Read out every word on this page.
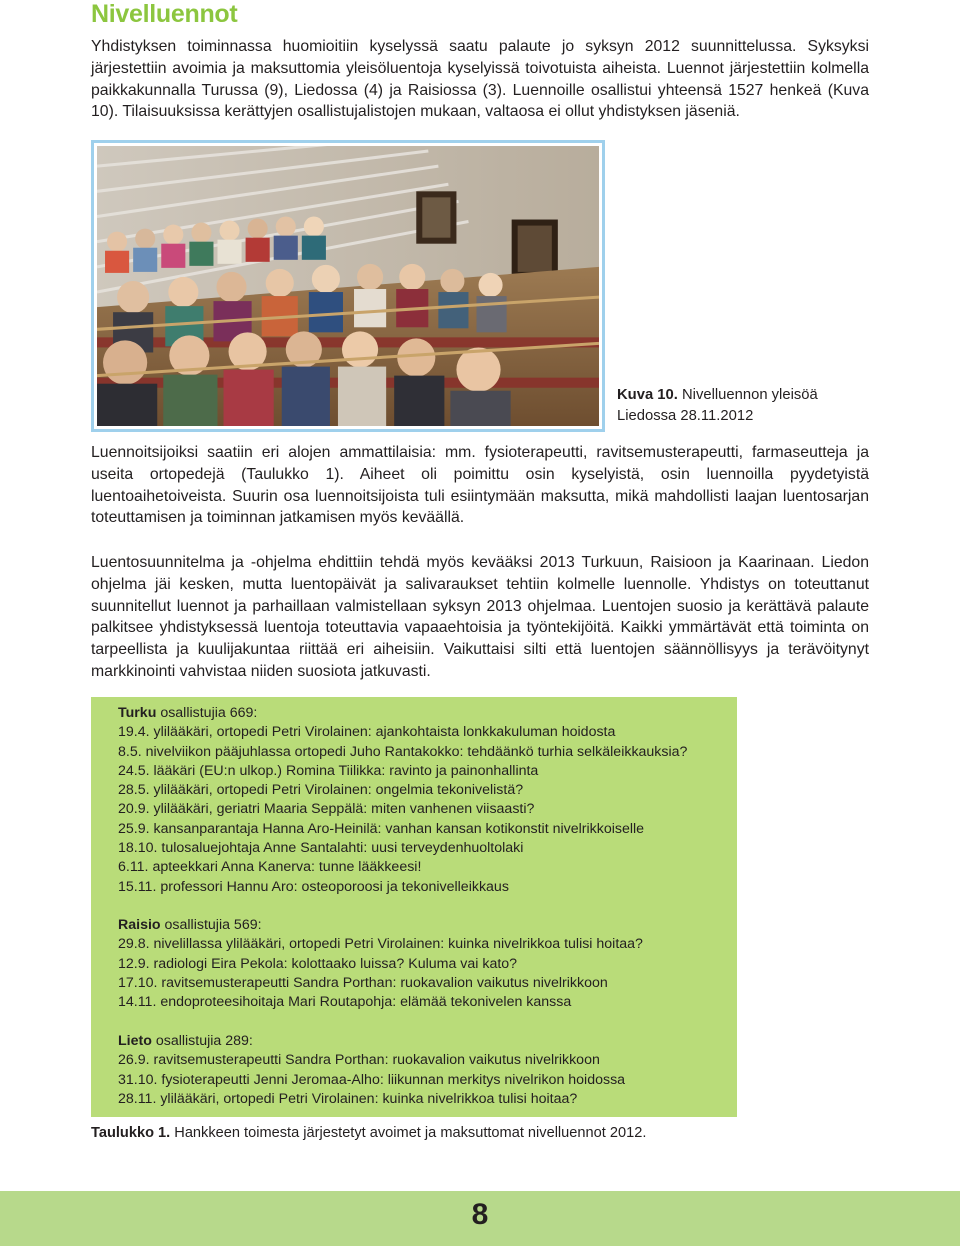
Nivelluennot

Yhdistyksen toiminnassa huomioitiin kyselyssä saatu palaute jo syksyn 2012 suunnittelussa. Syksyksi järjestettiin avoimia ja maksuttomia yleisöluentoja kyselyissä toivotuista aiheista. Luennot järjestettiin kolmella paikkakunnalla Turussa (9), Liedossa (4) ja Raisiossa (3). Luennoille osallistui yhteensä 1527 henkeä (Kuva 10). Tilaisuuksissa kerättyjen osallistujalistojen mukaan, valtaosa ei ollut yhdistyksen jäseniä.

Kuva 10. Nivelluennon yleisöä Liedossa 28.11.2012

Luennoitsijoiksi saatiin eri alojen ammattilaisia: mm. fysioterapeutti, ravitsemusterapeutti, farmaseutteja ja useita ortopedejä (Taulukko 1). Aiheet oli poimittu osin kyselyistä, osin luennoilla pyydetyistä luentoaihetoiveista. Suurin osa luennoitsijoista tuli esiintymään maksutta, mikä mahdollisti laajan luentosarjan toteuttamisen ja toiminnan jatkamisen myös keväällä.

Luentosuunnitelma ja -ohjelma ehdittiin tehdä myös kevääksi 2013 Turkuun, Raisioon ja Kaarinaan. Liedon ohjelma jäi kesken, mutta luentopäivät ja salivaraukset tehtiin kolmelle luennolle. Yhdistys on toteuttanut suunnitellut luennot ja parhaillaan valmistellaan syksyn 2013 ohjelmaa. Luentojen suosio ja kerättävä palaute palkitsee yhdistyksessä luentoja toteuttavia vapaaehtoisia ja työntekijöitä. Kaikki ymmärtävät että toiminta on tarpeellista ja kuulijakuntaa riittää eri aiheisiin. Vaikuttaisi silti että luentojen säännöllisyys ja terävöitynyt markkinointi vahvistaa niiden suosiota jatkuvasti.

Turku osallistujia 669:
19.4. ylilääkäri, ortopedi Petri Virolainen: ajankohtaista lonkkakuluman hoidosta
8.5. nivelviikon pääjuhlassa ortopedi Juho Rantakokko: tehdäänkö turhia selkäleikkauksia?
24.5. lääkäri (EU:n ulkop.) Romina Tiilikka: ravinto ja painonhallinta
28.5. ylilääkäri, ortopedi Petri Virolainen: ongelmia tekonivelistä?
20.9. ylilääkäri, geriatri Maaria Seppälä: miten vanhenen viisaasti?
25.9. kansanparantaja Hanna Aro-Heinilä: vanhan kansan kotikonstit nivelrikkoiselle
18.10. tulosaluejohtaja Anne Santalahti: uusi terveydenhuoltolaki
6.11. apteekkari Anna Kanerva: tunne lääkkeesi!
15.11. professori Hannu Aro: osteoporoosi ja tekonivelleikkaus
Raisio osallistujia 569:
29.8. nivelillassa ylilääkäri, ortopedi Petri Virolainen: kuinka nivelrikkoa tulisi hoitaa?
12.9. radiologi Eira Pekola: kolottaako luissa? Kuluma vai kato?
17.10. ravitsemusterapeutti Sandra Porthan: ruokavalion vaikutus nivelrikkoon
14.11. endoproteesihoitaja Mari Routapohja: elämää tekonivelen kanssa
Lieto osallistujia 289:
26.9. ravitsemusterapeutti Sandra Porthan: ruokavalion vaikutus nivelrikkoon
31.10. fysioterapeutti Jenni Jeromaa-Alho: liikunnan merkitys nivelrikon hoidossa
28.11. ylilääkäri, ortopedi Petri Virolainen: kuinka nivelrikkoa tulisi hoitaa?
Taulukko 1. Hankkeen toimesta järjestetyt avoimet ja maksuttomat nivelluennot 2012.
8
